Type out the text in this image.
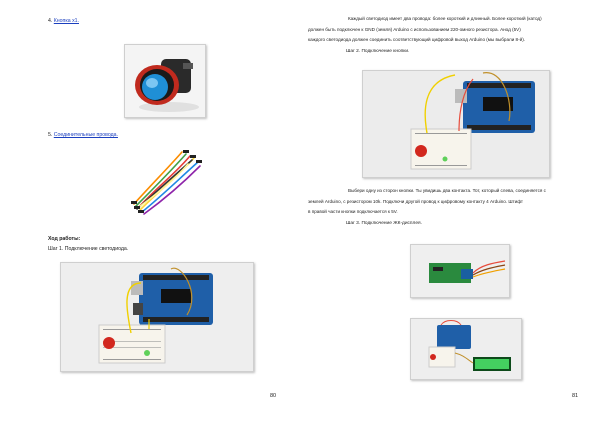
4. Кнопка х1.
5. Соединительные провода.
Ход работы:
Шаг 1. Подключение светодиода.
80
Каждый светодиод имеет два провода: более короткий и длинный. Более короткий (катод)
должен быть подключен к GND (земля) Arduino с использованием 220-омного резистора. Анод (5V)
каждого светодиода должен соединить соответствующий цифровой выход Arduino (мы выбрали 8-й).
Шаг 2. Подключение кнопки.
Выбери одну из сторон кнопки. Ты увидишь два контакта. Тот, который слева, соединяется с
землей Arduino, с резистором 10k. Подключи другой провод к цифровому контакту 4 Arduino. Штифт
в правой части кнопки подключается к 5V.
Шаг 3. Подключение ЖК-дисплея.
81
